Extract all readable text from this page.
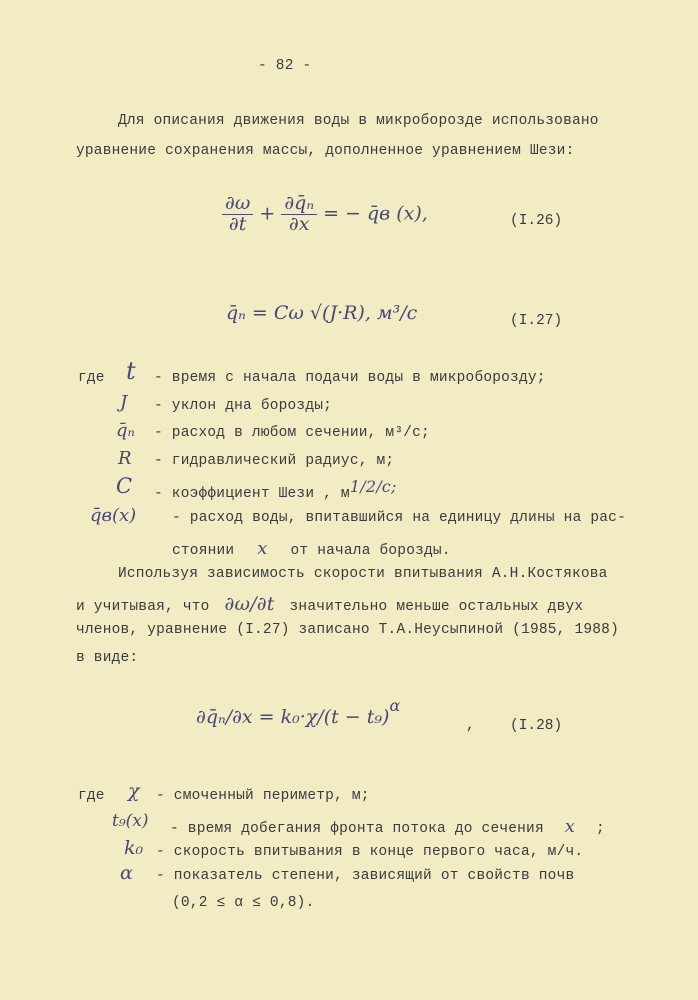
- 82 -
Для описания движения воды в микроборозде использовано
уравнение сохранения массы, дополненное уравнением Шези:
$\frac{\partial\omega}{\partial t} + \frac{\text{∂q̄ₙ}}{\partial x}$ = − q̄в (x),	(I.26)
q̄ₙ = Cω √(J·R), м³/с	(I.27)
где t - время с начала подачи воды в микроборозду;
J - уклон дна борозды;
q̄ₙ - расход в любом сечении, м³/с;
R - гидравлический радиус, м;
C - коэффициент Шези , м1/2/с;
q̄в(x) - расход воды, впитавшийся на единицу длины на рас-
стоянии x от начала борозды.
Используя зависимость скорости впитывания А.Н.Костякова
и учитывая, что ∂ω/∂t значительно меньше остальных двух
членов, уравнение (I.27) записано Т.А.Неусыпиной (1985, 1988)
в виде:
∂q̄ₙ/∂x = $k_0\cdot\chi/(t - t_9)^\alpha$
, (I.28)
где χ - смоченный периметр, м;
t₉(x) - время добегания фронта потока до сечения x ;
k₀ - скорость впитывания в конце первого часа, м/ч.
α - показатель степени, зависящий от свойств почв
(0,2 ≤ α ≤ 0,8).
